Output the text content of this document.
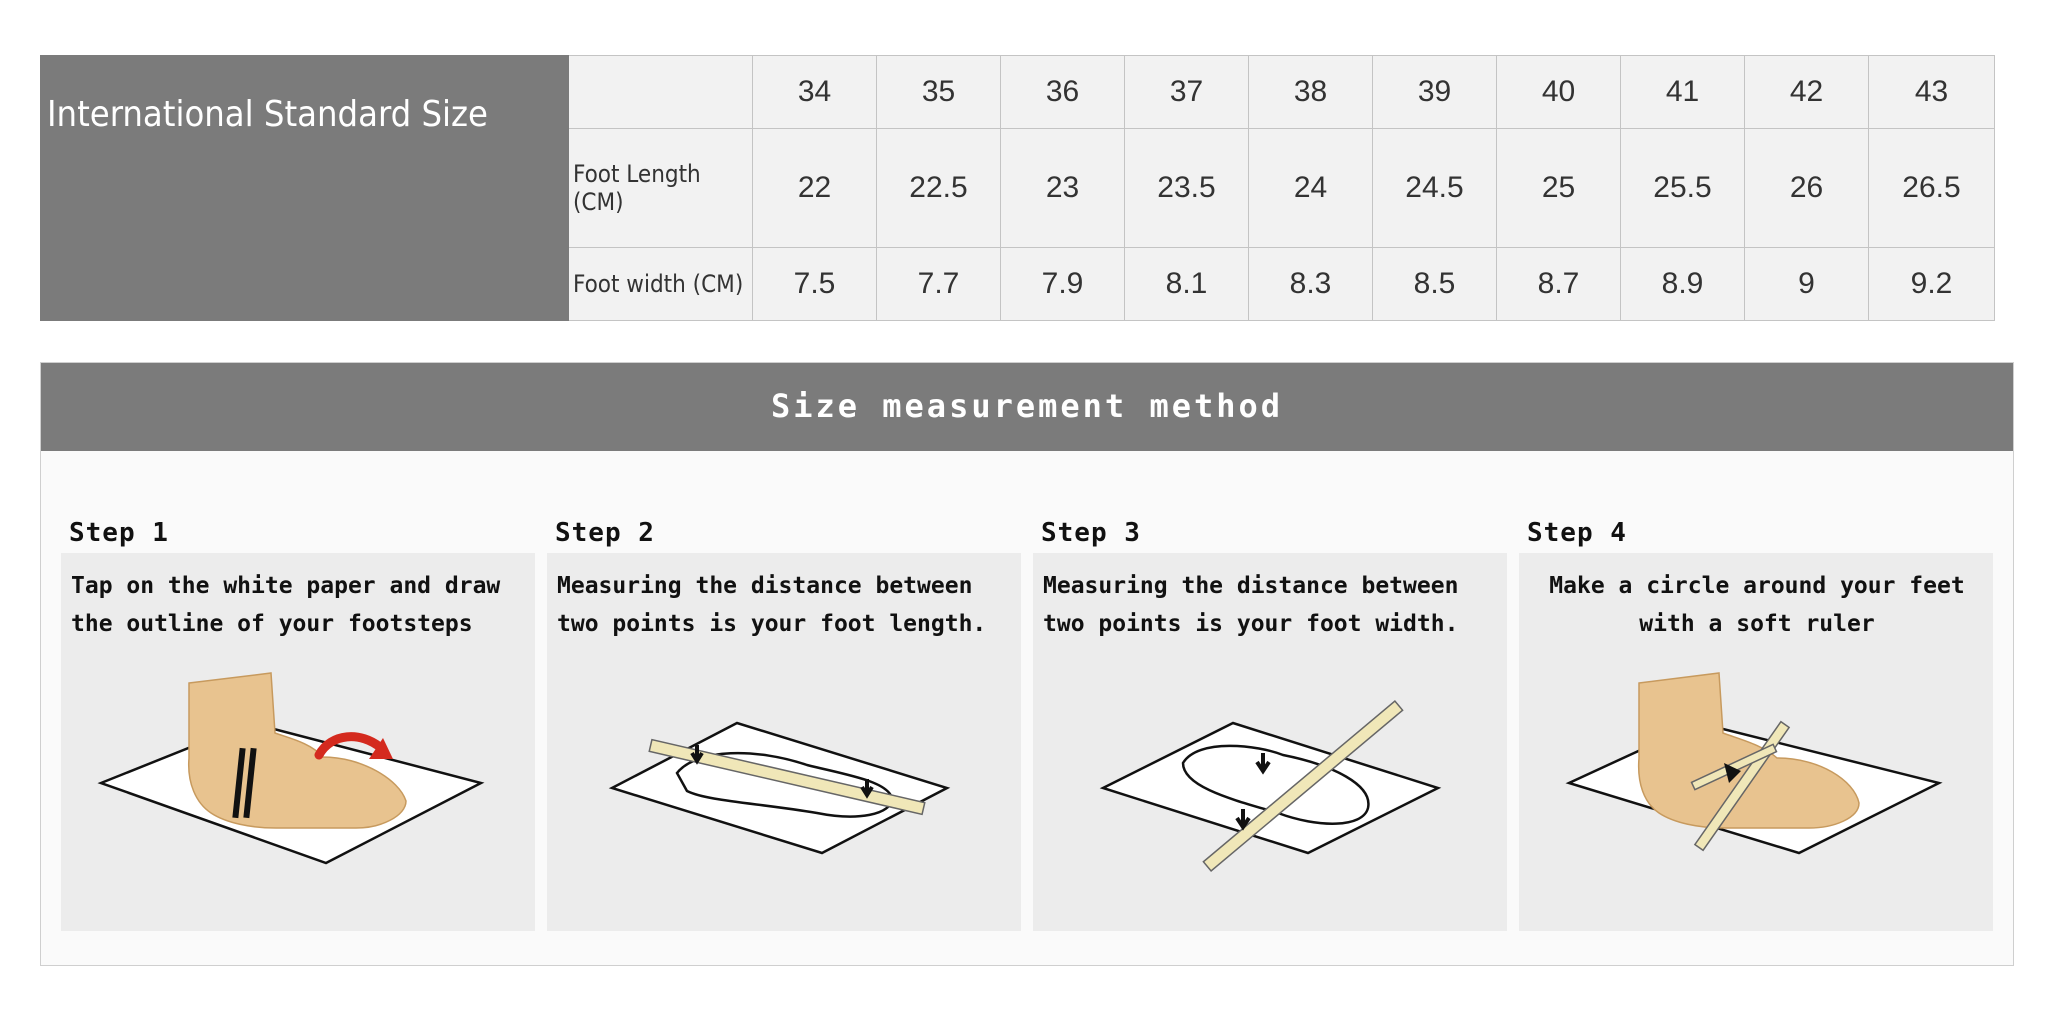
International Standard Size		34	35	36	37	38	39	40	41	42	43
	Foot Length (CM)	22	22.5	23	23.5	24	24.5	25	25.5	26	26.5
	Foot width (CM)	7.5	7.7	7.9	8.1	8.3	8.5	8.7	8.9	9	9.2
Size measurement method
Step 1
Tap on the white paper and draw the outline of your footsteps
Step 2
Measuring the distance between two points is your foot length.
Step 3
Measuring the distance between two points is your foot width.
Step 4
Make a circle around your feet with a soft ruler
